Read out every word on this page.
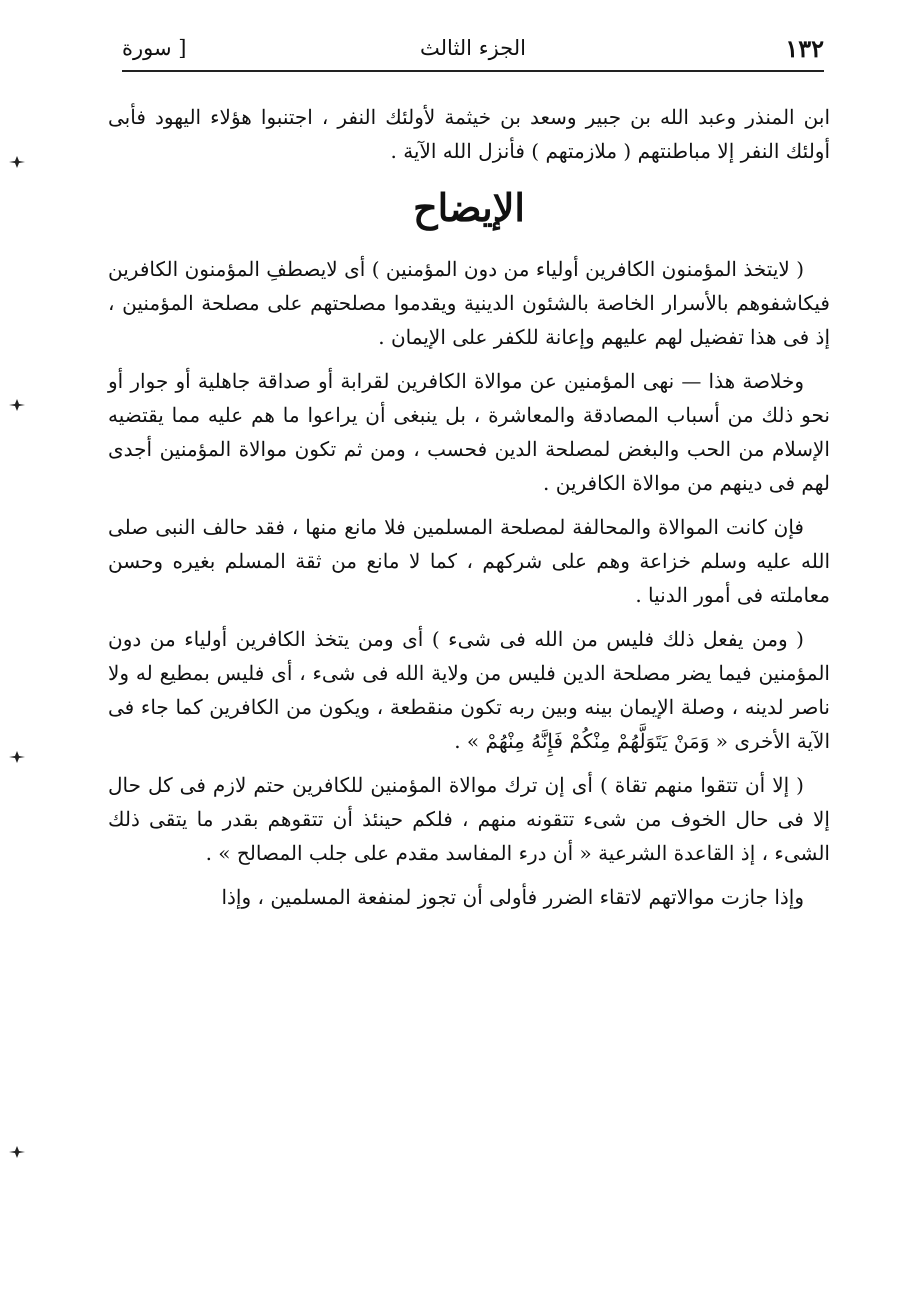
١٣٢
الجزء الثالث
[ سورة

ابن المنذر وعبد الله بن جبير وسعد بن خيثمة لأولئك النفر ، اجتنبوا هؤلاء اليهود فأبى أولئك النفر إلا مباطنتهم ( ملازمتهم ) فأنزل الله الآية .

الإيضاح

( لايتخذ المؤمنون الكافرين أولياء من دون المؤمنين ) أى لايصطفِ المؤمنون الكافرين فيكاشفوهم بالأسرار الخاصة بالشئون الدينية ويقدموا مصلحتهم على مصلحة المؤمنين ، إذ فى هذا تفضيل لهم عليهم وإعانة للكفر على الإيمان .

وخلاصة هذا — نهى المؤمنين عن موالاة الكافرين لقرابة أو صداقة جاهلية أو جوار أو نحو ذلك من أسباب المصادقة والمعاشرة ، بل ينبغى أن يراعوا ما هم عليه مما يقتضيه الإسلام من الحب والبغض لمصلحة الدين فحسب ، ومن ثم تكون موالاة المؤمنين أجدى لهم فى دينهم من موالاة الكافرين .

فإن كانت الموالاة والمحالفة لمصلحة المسلمين فلا مانع منها ، فقد حالف النبى صلى الله عليه وسلم خزاعة وهم على شركهم ، كما لا مانع من ثقة المسلم بغيره وحسن معاملته فى أمور الدنيا .

( ومن يفعل ذلك فليس من الله فى شىء ) أى ومن يتخذ الكافرين أولياء من دون المؤمنين فيما يضر مصلحة الدين فليس من ولاية الله فى شىء ، أى فليس بمطيع له ولا ناصر لدينه ، وصلة الإيمان بينه وبين ربه تكون منقطعة ، ويكون من الكافرين كما جاء فى الآية الأخرى « وَمَنْ يَتَوَلَّهُمْ مِنْكُمْ فَإِنَّهُ مِنْهُمْ » .

( إلا أن تتقوا منهم تقاة ) أى إن ترك موالاة المؤمنين للكافرين حتم لازم فى كل حال إلا فى حال الخوف من شىء تتقونه منهم ، فلكم حينئذ أن تتقوهم بقدر ما يتقى ذلك الشىء ، إذ القاعدة الشرعية « أن درء المفاسد مقدم على جلب المصالح » .

وإذا جازت موالاتهم لاتقاء الضرر فأولى أن تجوز لمنفعة المسلمين ، وإذا
